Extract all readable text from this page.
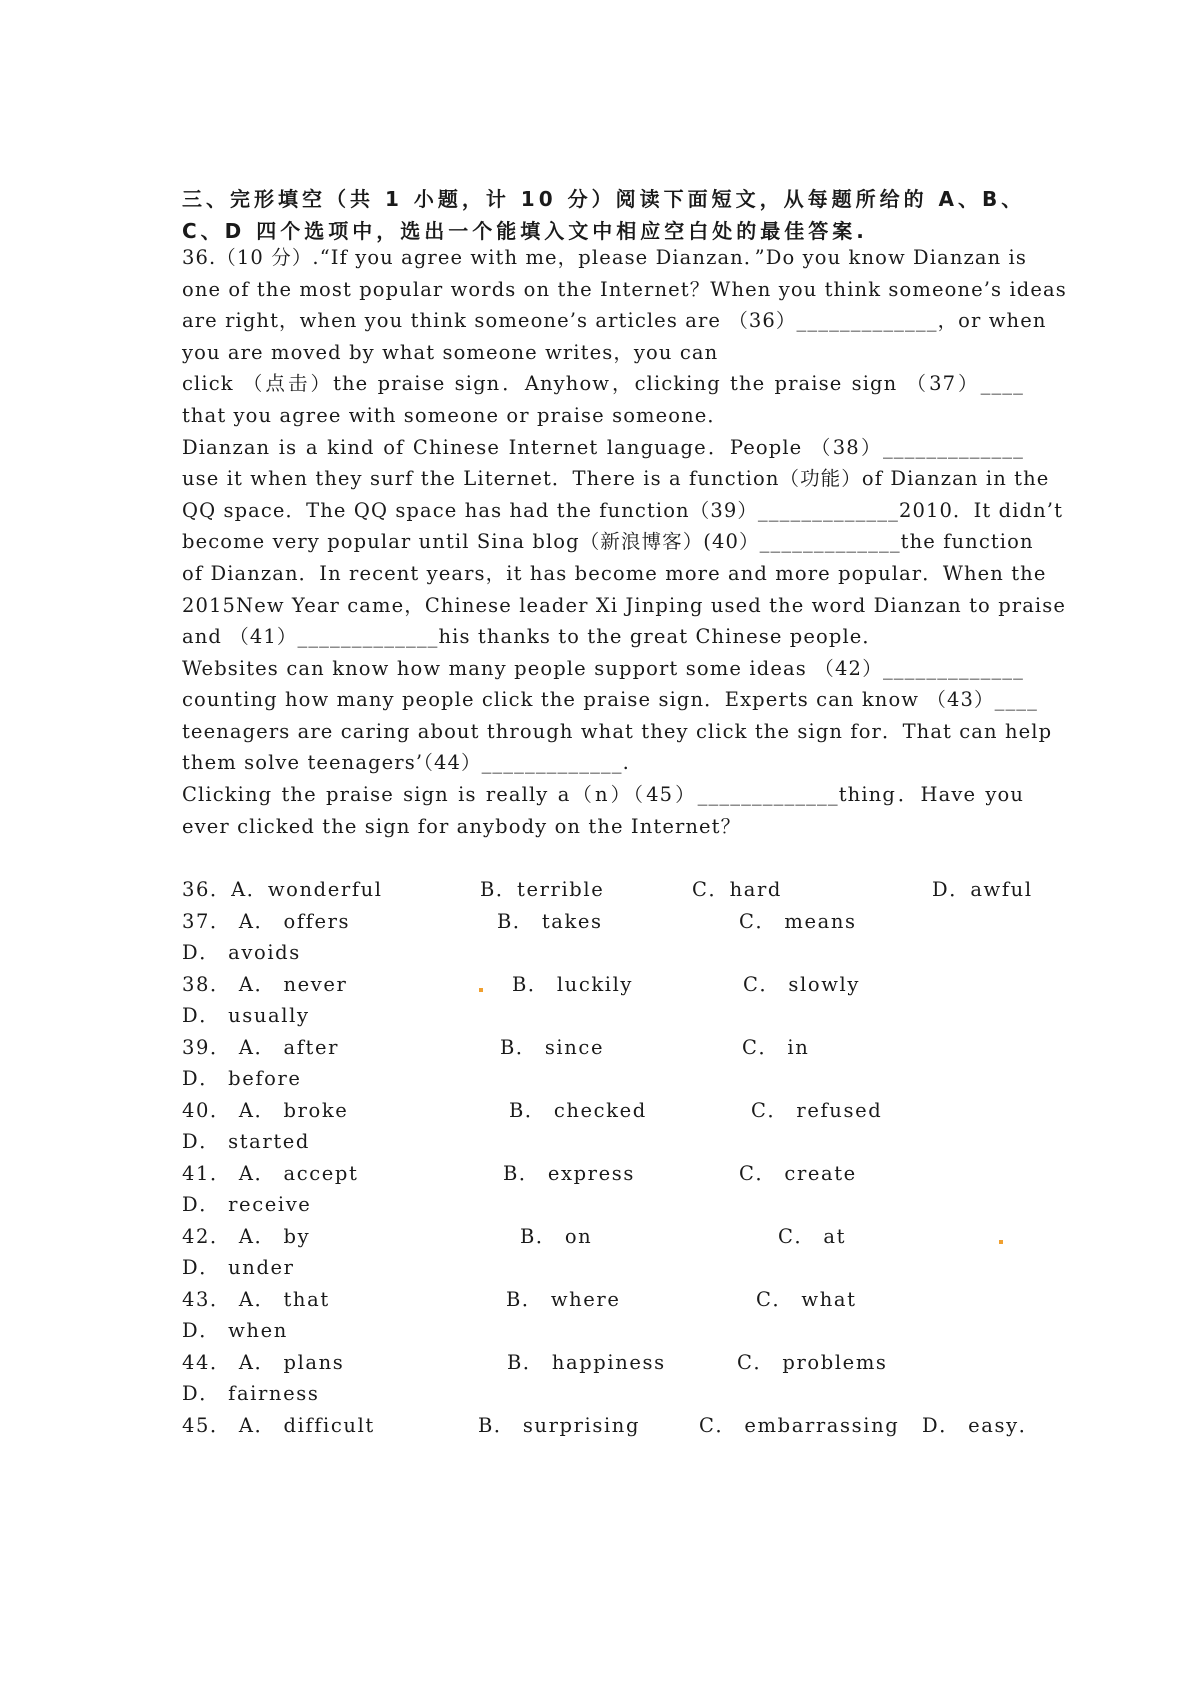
三、完形填空（共 1 小题，计 10 分）阅读下面短文，从每题所给的 A、B、
C、D 四个选项中，选出一个能填入文中相应空白处的最佳答案.
36.（10 分）.“If you agree with me，please Dianzan．”Do you know Dianzan is
one of the most popular words on the Internet？When you think someone’s ideas
are right，when you think someone’s articles are （36）_____________，or when
you are moved by what someone writes，you can
click （点击）the praise sign．Anyhow，clicking the praise sign （37）____
that you agree with someone or praise someone．
Dianzan is a kind of Chinese Internet language．People （38）_____________
use it when they surf the Liternet．There is a function（功能）of Dianzan in the
QQ space．The QQ space has had the function（39）_____________2010．It didn’t
become very popular until Sina blog（新浪博客）(40）_____________the function
of Dianzan．In recent years，it has become more and more popular．When the
2015New Year came，Chinese leader Xi Jinping used the word Dianzan to praise
and （41）_____________his thanks to the great Chinese people．
Websites can know how many people support some ideas （42）_____________
counting how many people click the praise sign．Experts can know （43）____
teenagers are caring about through what they click the sign for．That can help
them solve teenagers’（44）_____________.
Clicking the praise sign is really a（n）（45）_____________thing．Have you
ever clicked the sign for anybody on the Internet？
36．A．wonderful	B．terrible	C．hard	D．awful
37． A． offers	B． takes	C． means
D． avoids
38． A． never	B． luckily	C． slowly
D． usually
39． A． after	B． since	C． in
D． before
40． A． broke	B． checked	C． refused
D． started
41． A． accept	B． express	C． create
D． receive
42． A． by	B． on	C． at
D． under
43． A． that	B． where	C． what
D． when
44． A． plans	B． happiness	C． problems
D． fairness
45． A． difficult	B． surprising	C． embarrassing D． easy．
